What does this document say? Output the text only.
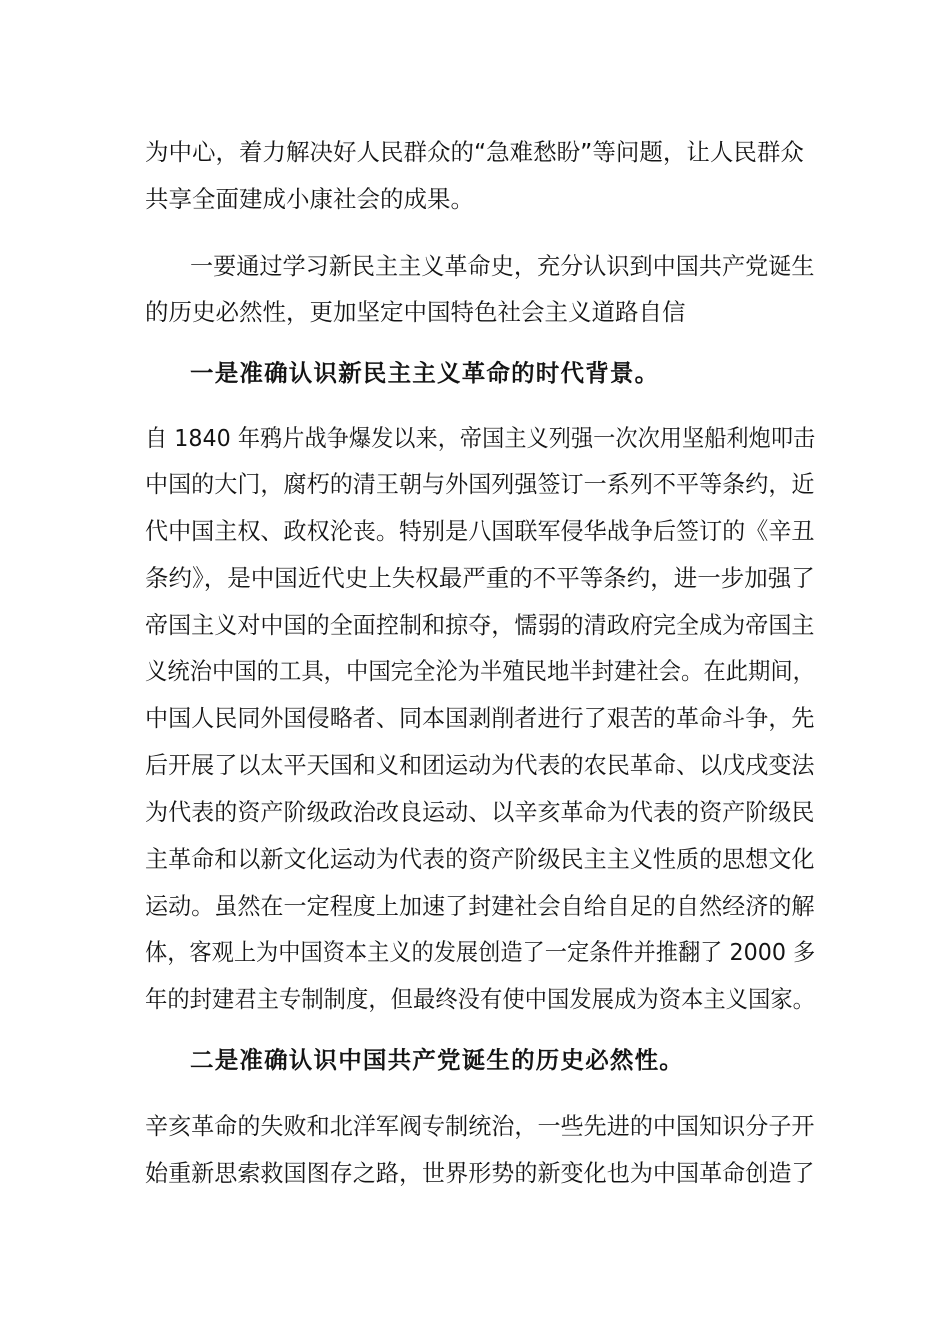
为中心，着力解决好人民群众的“急难愁盼”等问题，让人民群众
共享全面建成小康社会的成果。
一要通过学习新民主主义革命史，充分认识到中国共产党诞生
的历史必然性，更加坚定中国特色社会主义道路自信
一是准确认识新民主主义革命的时代背景。
自 1840 年鸦片战争爆发以来，帝国主义列强一次次用坚船利炮叩击
中国的大门，腐朽的清王朝与外国列强签订一系列不平等条约，近
代中国主权、政权沦丧。特别是八国联军侵华战争后签订的《辛丑
条约》，是中国近代史上失权最严重的不平等条约，进一步加强了
帝国主义对中国的全面控制和掠夺，懦弱的清政府完全成为帝国主
义统治中国的工具，中国完全沦为半殖民地半封建社会。在此期间，
中国人民同外国侵略者、同本国剥削者进行了艰苦的革命斗争，先
后开展了以太平天国和义和团运动为代表的农民革命、以戊戌变法
为代表的资产阶级政治改良运动、以辛亥革命为代表的资产阶级民
主革命和以新文化运动为代表的资产阶级民主主义性质的思想文化
运动。虽然在一定程度上加速了封建社会自给自足的自然经济的解
体，客观上为中国资本主义的发展创造了一定条件并推翻了 2000 多
年的封建君主专制制度，但最终没有使中国发展成为资本主义国家。
二是准确认识中国共产党诞生的历史必然性。
辛亥革命的失败和北洋军阀专制统治，一些先进的中国知识分子开
始重新思索救国图存之路，世界形势的新变化也为中国革命创造了
